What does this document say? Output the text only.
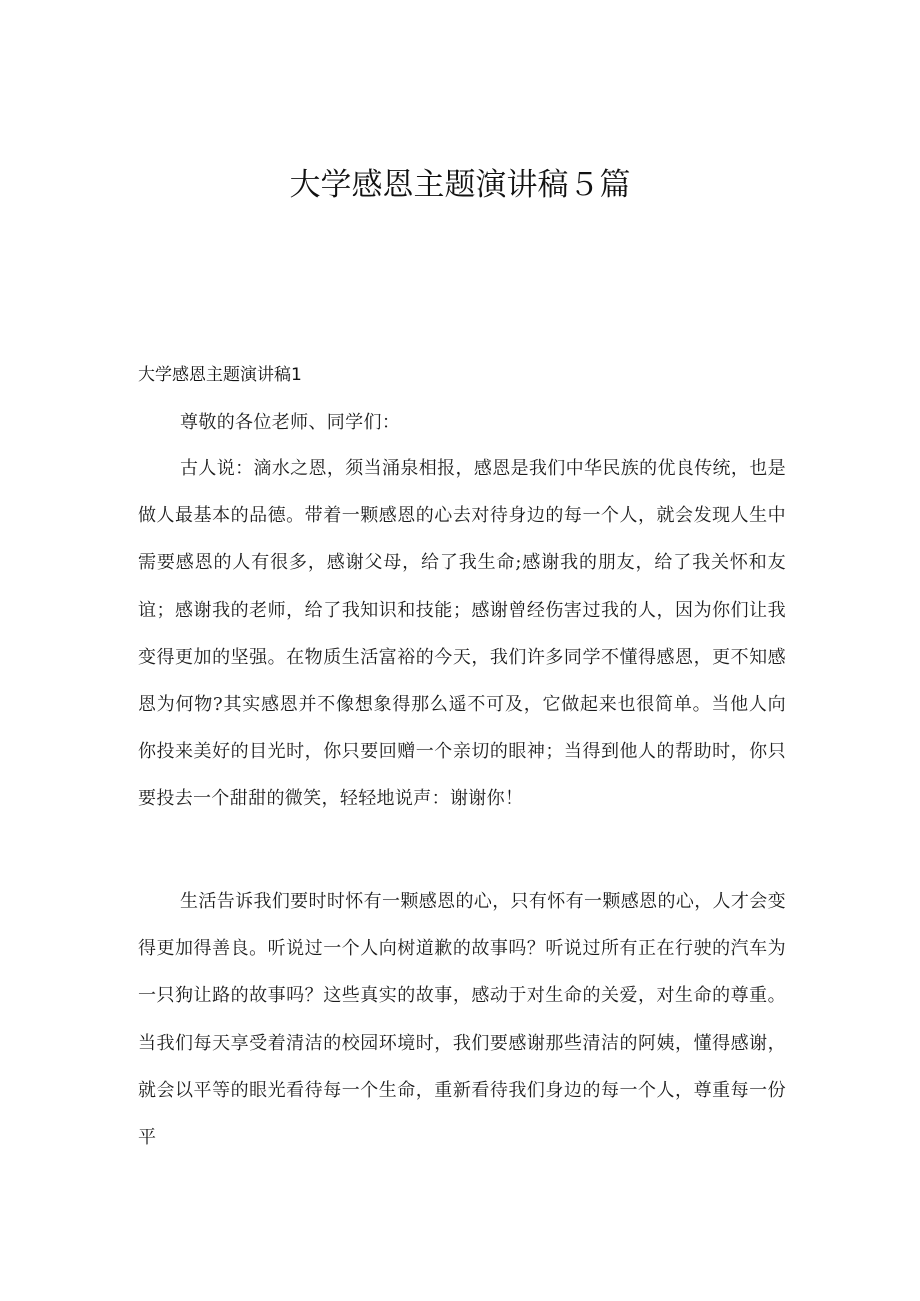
大学感恩主题演讲稿５篇
大学感恩主题演讲稿1

尊敬的各位老师、同学们：

古人说：滴水之恩，须当涌泉相报，感恩是我们中华民族的优良传统，也是做人最基本的品德。带着一颗感恩的心去对待身边的每一个人，就会发现人生中需要感恩的人有很多，感谢父母，给了我生命;感谢我的朋友，给了我关怀和友谊；感谢我的老师，给了我知识和技能；感谢曾经伤害过我的人，因为你们让我变得更加的坚强。在物质生活富裕的今天，我们许多同学不懂得感恩，更不知感恩为何物?其实感恩并不像想象得那么遥不可及，它做起来也很简单。当他人向你投来美好的目光时，你只要回赠一个亲切的眼神；当得到他人的帮助时，你只要投去一个甜甜的微笑，轻轻地说声：谢谢你！

生活告诉我们要时时怀有一颗感恩的心，只有怀有一颗感恩的心，人才会变得更加得善良。听说过一个人向树道歉的故事吗？听说过所有正在行驶的汽车为一只狗让路的故事吗？这些真实的故事，感动于对生命的关爱，对生命的尊重。当我们每天享受着清洁的校园环境时，我们要感谢那些清洁的阿姨，懂得感谢，就会以平等的眼光看待每一个生命，重新看待我们身边的每一个人，尊重每一份平
